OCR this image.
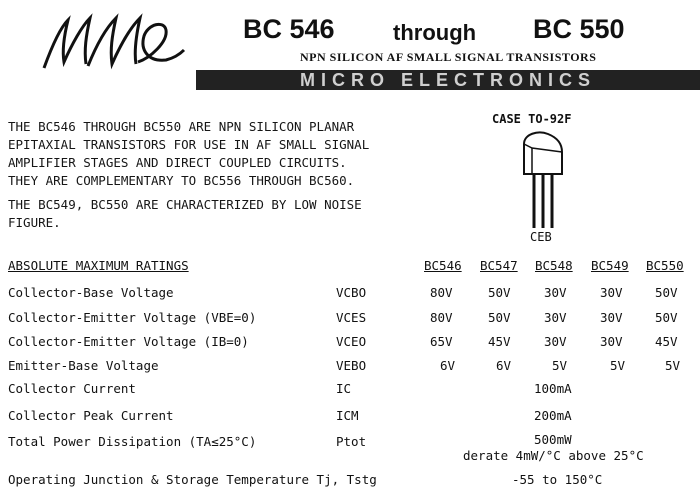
BC 546	through BC 550
NPN SILICON AF SMALL SIGNAL TRANSISTORS
MICRO ELECTRONICS
THE BC546 THROUGH BC550 ARE NPN SILICON PLANAR
EPITAXIAL TRANSISTORS FOR USE IN AF SMALL SIGNAL
AMPLIFIER STAGES AND DIRECT COUPLED CIRCUITS.
THEY ARE COMPLEMENTARY TO BC556 THROUGH BC560.
THE BC549, BC550 ARE CHARACTERIZED BY LOW NOISE
FIGURE.
CASE TO-92F
CEB
ABSOLUTE MAXIMUM RATINGS	BC546 BC547 BC548 BC549 BC550
Collector-Base Voltage	VCBO	80V	50V	30V	30V	50V
Collector-Emitter Voltage (VBE=0)	VCES	80V	50V	30V	30V	50V
Collector-Emitter Voltage (IB=0)	VCEO	65V	45V	30V	30V	45V
Emitter-Base Voltage	VEBO	6V	6V	5V	5V	5V
Collector Current	IC	100mA
Collector Peak Current	ICM	200mA
Total Power Dissipation (TA≤25°C)	Ptot	500mW
derate 4mW/°C above 25°C
Operating Junction & Storage Temperature Tj, Tstg	-55 to 150°C
